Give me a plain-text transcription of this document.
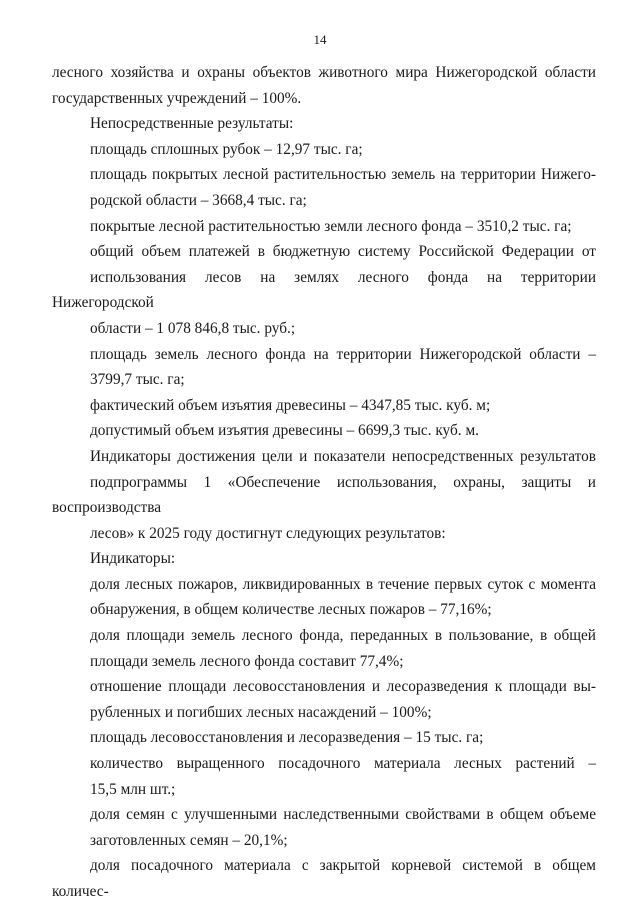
14

лесного хозяйства и охраны объектов животного мира Нижегородской области
государственных учреждений – 100%.

Непосредственные результаты:

площадь сплошных рубок – 12,97 тыс. га;

площадь покрытых лесной растительностью земель на территории Нижего-
родской области – 3668,4 тыс. га;

покрытые лесной растительностью земли лесного фонда – 3510,2 тыс. га;

общий объем платежей в бюджетную систему Российской Федерации от
использования лесов на землях лесного фонда на территории Нижегородской
области – 1 078 846,8 тыс. руб.;

площадь земель лесного фонда на территории Нижегородской области –
3799,7 тыс. га;

фактический объем изъятия древесины – 4347,85 тыс. куб. м;

допустимый объем изъятия древесины – 6699,3 тыс. куб. м.

Индикаторы достижения цели и показатели непосредственных результатов
подпрограммы 1 «Обеспечение использования, охраны, защиты и воспроизводства
лесов» к 2025 году достигнут следующих результатов:

Индикаторы:

доля лесных пожаров, ликвидированных в течение первых суток с момента
обнаружения, в общем количестве лесных пожаров – 77,16%;

доля площади земель лесного фонда, переданных в пользование, в общей
площади земель лесного фонда составит 77,4%;

отношение площади лесовосстановления и лесоразведения к площади вы-
рубленных и погибших лесных насаждений – 100%;

площадь лесовосстановления и лесоразведения – 15 тыс. га;

количество выращенного посадочного материала лесных растений –
15,5 млн шт.;

доля семян с улучшенными наследственными свойствами в общем объеме
заготовленных семян – 20,1%;

доля посадочного материала с закрытой корневой системой в общем количес-
